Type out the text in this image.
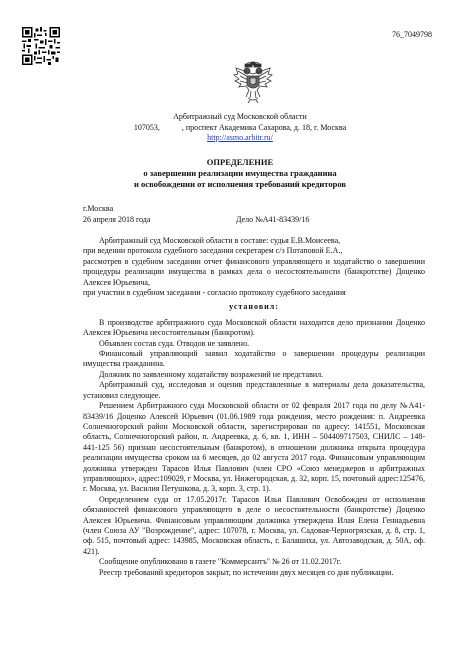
76_7049798
Арбитражный суд Московской области
107053,           , проспект Академика Сахарова, д. 18, г. Москва
http://asmo.arbitr.ru/
ОПРЕДЕЛЕНИЕ
о завершении реализации имущества гражданина
и освобождении от исполнения требований кредиторов
г.Москва
26 апреля 2018 года	Дело №А41-83439/16

Арбитражный суд Московской области в составе: судья Е.В.Моисеева,

при ведении протокола судебного заседания секретарем с/з Потаповой Е.А.,

рассмотрев в судебном заседании отчет финансового управляющего и ходатайство о завершении процедуры реализации имущества в рамках дела о несостоятельности (банкротстве) Доценко Алексея Юрьевича,

при участии в судебном заседании - согласно протоколу судебного заседания

установил:

В производстве арбитражного суда Московской области находится дело признании Доценко Алексея Юрьевича несостоятельным (банкротом).

Объявлен состав суда. Отводов не заявлено.

Финансовый управляющий заявил ходатайство о завершении процедуры реализации имущества гражданина.

Должник по заявленному ходатайству возражений не представил.

Арбитражный суд, исследовав и оценив представленные в материалы дела доказательства, установил следующее.

Решением Арбитражного суда Московской области от 02 февраля 2017 года по делу №А41-83439/16 Доценко Алексей Юрьевич (01.06.1989 года рождения, место рождения: п. Андреевка Солнечногорский район Московской области, зарегистрирован по адресу: 141551, Московская область, Солнечногорский район, п. Андреевка, д. 6, кв. 1, ИНН – 504409717503, СНИЛС – 148-441-125 56) признан несостоятельным (банкротом), в отношении должника открыта процедура реализации имущества сроком на 6 месяцев, до 02 августа 2017 года. Финансовым управляющим должника утвержден Тарасов Илья Павлович (член СРО «Союз менеджеров и арбитражных управляющих», адрес:109029, г Москва, ул. Нижегородская, д. 32, корп. 15, почтовый адрес:125476, г. Москва, ул. Василия Петушкова, д. 3, корп. 3, стр. 1).

Определением суда от 17.05.2017г. Тарасов Илья Павлович Освобожден от исполнения обязанностей финансового управляющего в деле о несостоятельности (банкротстве) Доценко Алексея Юрьевича. Финансовым управляющим должника утверждена Илая Елена Геннадьевна (член Союза АУ "Возрождение", адрес: 107078, г. Москва, ул. Садовая-Черногрязская, д. 8, стр. 1, оф. 515, почтовый адрес: 143985, Московская область, г. Балашиха, ул. Автозаводская, д. 50А, оф. 421).

Сообщение опубликовано в газете "Коммерсантъ" № 26 от 11.02.2017г.

Реестр требований кредиторов закрыт, по истечении двух месяцев со дня публикации.
